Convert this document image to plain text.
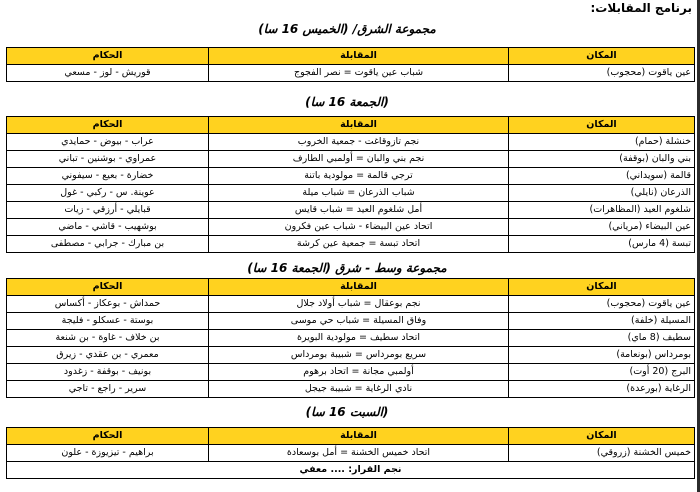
برنامج المقابلات:
مجموعة الشرق/ (الخميس 16 سا)
المكان	المقابلة	الحكام
عين ياقوت (محجوب)	شباب عين ياقوت = نصر الفجوج	قوريش - لوز - مسعي
(الجمعة 16 سا)
المكان	المقابلة	الحكام
خنشلة (حمام)	نجم تازوقاغت - جمعية الخروب	عراب - بيوض - حمايدي
بني والبان (بوقفة)	نجم بني والبان = أولمبي الطارف	عمراوي - بوشنين - تباني
قالمة (سويداني)	ترجي قالمة = مولودية باتنة	خضارة - بعيع - سيفوني
الذرعان (نايلي)	شباب الذرعان = شباب ميلة	عوينة. س - ركبي - غول
شلغوم العيد (المظاهرات)	أمل شلغوم العيد = شباب قايس	قبايلي - أرزقي - زيات
عين البيضاء (مرياني)	اتحاد عين البيضاء - شباب عين فكرون	بوشهيب - قاشي - ماضي
تبسة (4 مارس)	اتحاد تبسة = جمعية عين كرشة	بن مبارك - جرابي - مصطفى
مجموعة وسط - شرق (الجمعة 16 سا)
المكان	المقابلة	الحكام
عين ياقوت (محجوب)	نجم بوعقال = شباب أولاد جلال	حمداش - بوعكاز - أكساس
المسيلة (خلفة)	وفاق المسيلة = شباب حي موسى	بوستة - عسكلو - فليجة
سطيف (8 ماي)	اتحاد سطيف = مولودية البويرة	بن خلاف - غاوة - بن شنعة
بومرداس (بونعامة)	سريع بومرداس = شبيبة بومرداس	معمري - بن عقدي - زيرق
البرج (20 أوت)	أولمبي مجانة = اتحاد برهوم	بونيف - بوقفة - زغدود
الرغاية (بورعدة)	نادي الرغاية = شبيبة جيجل	سرير - راجع - تاجي
(السبت 16 سا)
المكان	المقابلة	الحكام
خميس الخشنة (زروقي)	اتحاد خميس الخشنة = أمل بوسعادة	براهيم - تيزيوزة - علون
نجم القرار: .... معفي		
